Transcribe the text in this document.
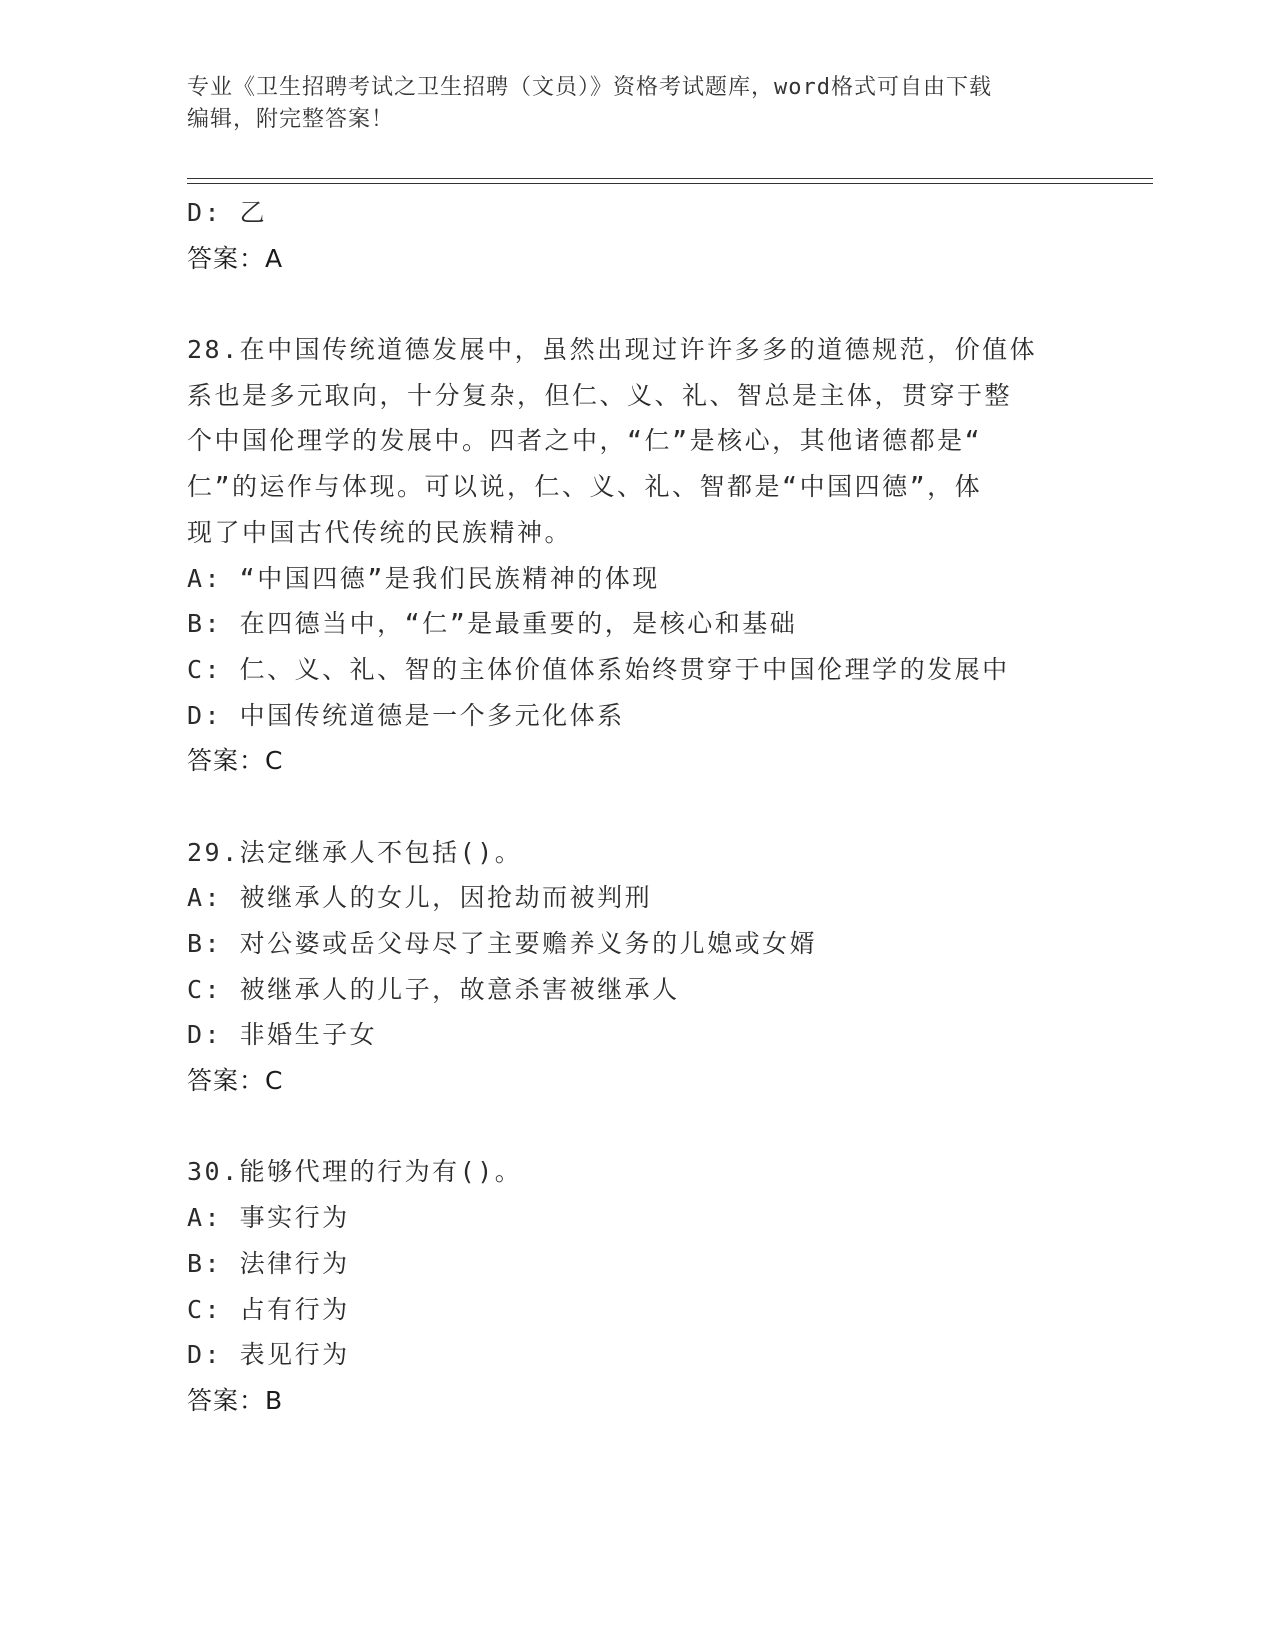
专业《卫生招聘考试之卫生招聘（文员）》资格考试题库，word格式可自由下载
编辑，附完整答案！
D: 乙
答案：A
28.在中国传统道德发展中，虽然出现过许许多多的道德规范，价值体
系也是多元取向，十分复杂，但仁、义、礼、智总是主体，贯穿于整
个中国伦理学的发展中。四者之中，“仁”是核心，其他诸德都是“
仁”的运作与体现。可以说，仁、义、礼、智都是“中国四德”，体
现了中国古代传统的民族精神。
A: “中国四德”是我们民族精神的体现
B: 在四德当中，“仁”是最重要的，是核心和基础
C: 仁、义、礼、智的主体价值体系始终贯穿于中国伦理学的发展中
D: 中国传统道德是一个多元化体系
答案：C
29.法定继承人不包括()。
A: 被继承人的女儿，因抢劫而被判刑
B: 对公婆或岳父母尽了主要赡养义务的儿媳或女婿
C: 被继承人的儿子，故意杀害被继承人
D: 非婚生子女
答案：C
30.能够代理的行为有()。
A: 事实行为
B: 法律行为
C: 占有行为
D: 表见行为
答案：B
